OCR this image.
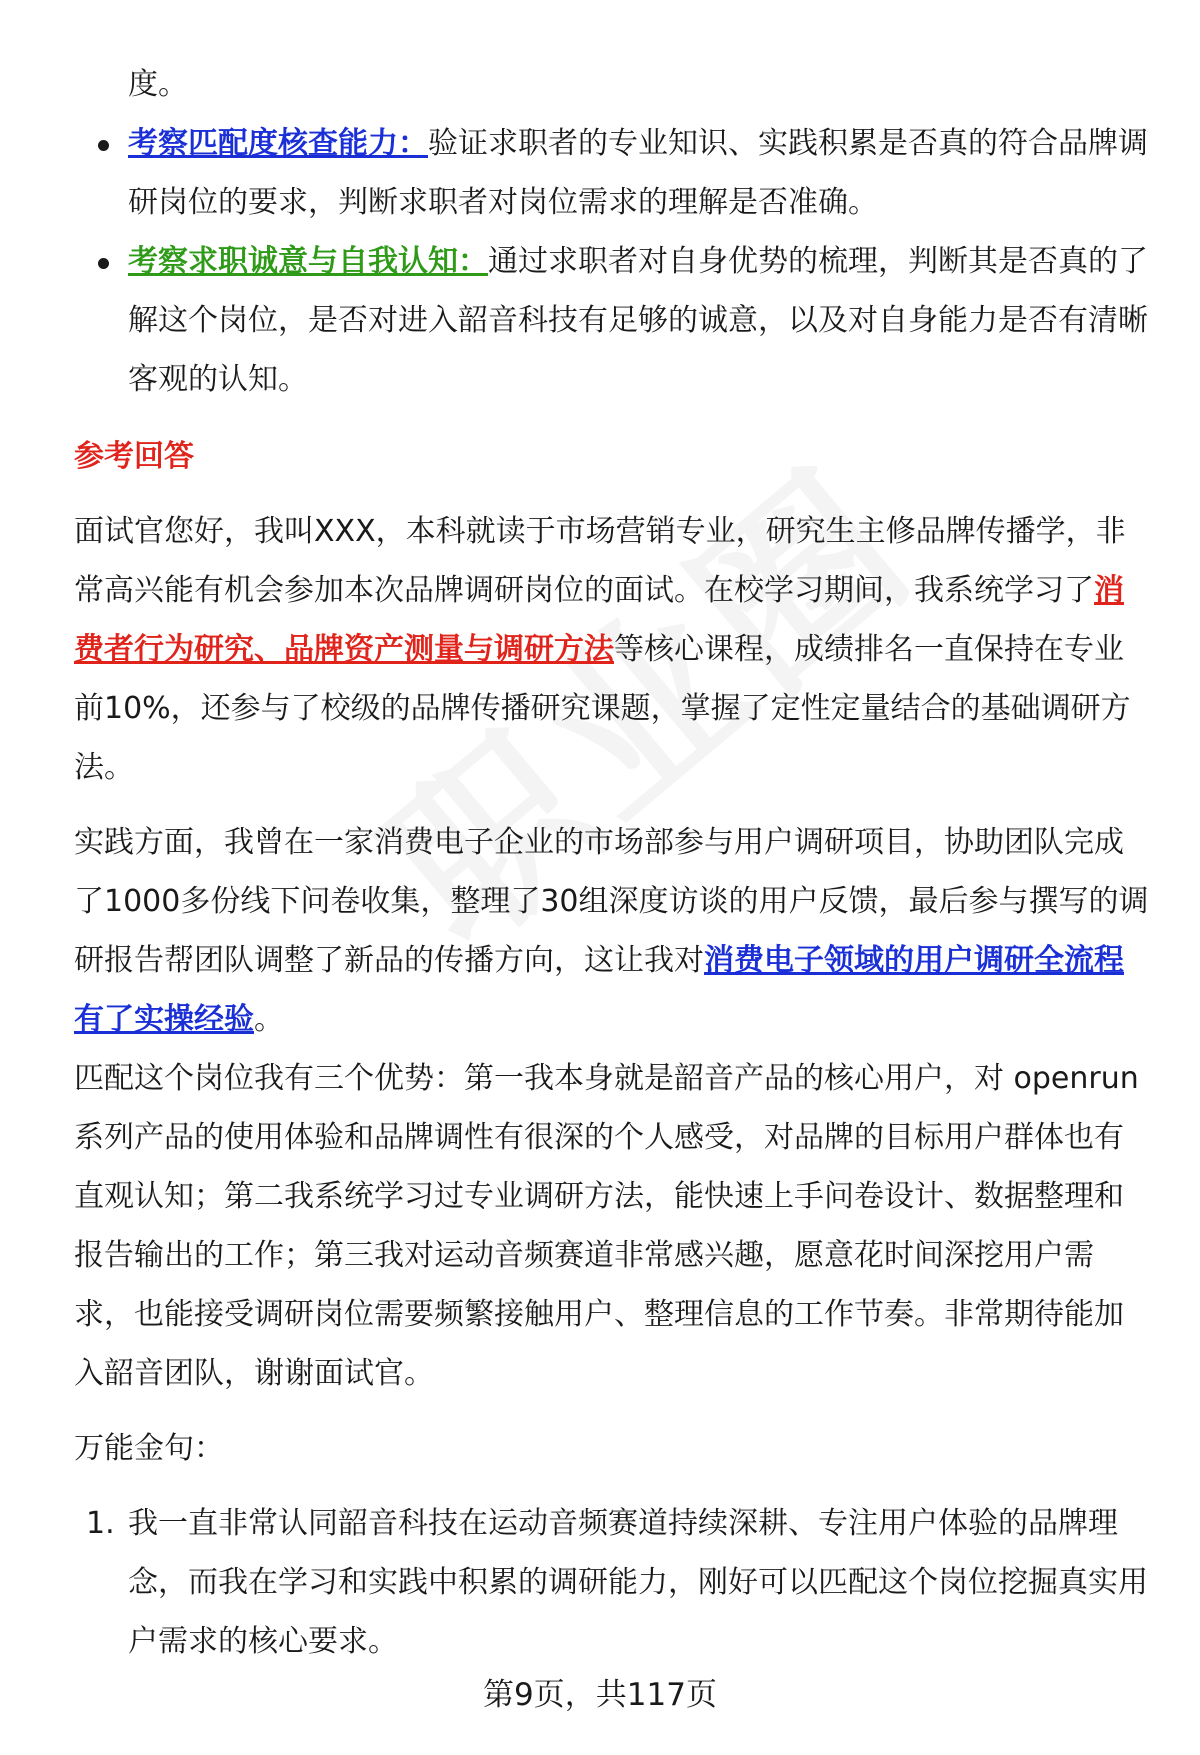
度。

考察匹配度核查能力：验证求职者的专业知识、实践积累是否真的符合品牌调研岗位的要求，判断求职者对岗位需求的理解是否准确。
考察求职诚意与自我认知：通过求职者对自身优势的梳理，判断其是否真的了解这个岗位，是否对进入韶音科技有足够的诚意，以及对自身能力是否有清晰客观的认知。

参考回答

面试官您好，我叫XXX，本科就读于市场营销专业，研究生主修品牌传播学，非常高兴能有机会参加本次品牌调研岗位的面试。在校学习期间，我系统学习了消费者行为研究、品牌资产测量与调研方法等核心课程，成绩排名一直保持在专业前10%，还参与了校级的品牌传播研究课题，掌握了定性定量结合的基础调研方法。

实践方面，我曾在一家消费电子企业的市场部参与用户调研项目，协助团队完成了1000多份线下问卷收集，整理了30组深度访谈的用户反馈，最后参与撰写的调研报告帮团队调整了新品的传播方向，这让我对消费电子领域的用户调研全流程有了实操经验。

匹配这个岗位我有三个优势：第一我本身就是韶音产品的核心用户，对 openrun 系列产品的使用体验和品牌调性有很深的个人感受，对品牌的目标用户群体也有直观认知；第二我系统学习过专业调研方法，能快速上手问卷设计、数据整理和报告输出的工作；第三我对运动音频赛道非常感兴趣，愿意花时间深挖用户需求，也能接受调研岗位需要频繁接触用户、整理信息的工作节奏。非常期待能加入韶音团队，谢谢面试官。

万能金句：

1. 我一直非常认同韶音科技在运动音频赛道持续深耕、专注用户体验的品牌理念，而我在学习和实践中积累的调研能力，刚好可以匹配这个岗位挖掘真实用户需求的核心要求。
第9页，共117页
